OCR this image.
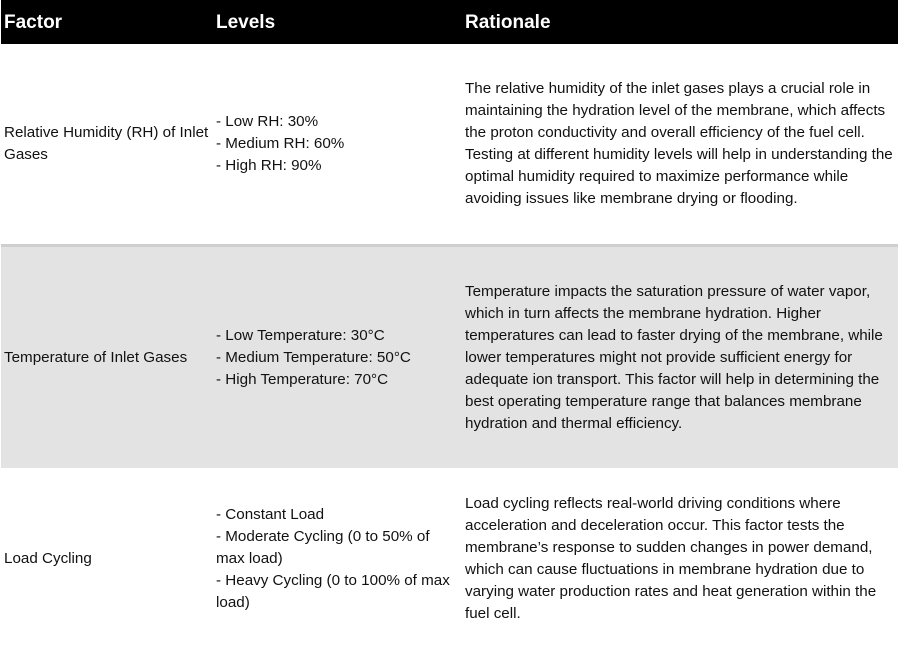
Factor	Levels	Rationale
Relative Humidity (RH) of Inlet Gases
- Low RH: 30%
- Medium RH: 60%
- High RH: 90%
The relative humidity of the inlet gases plays a crucial role in maintaining the hydration level of the membrane, which affects the proton conductivity and overall efficiency of the fuel cell. Testing at different humidity levels will help in understanding the optimal humidity required to maximize performance while avoiding issues like membrane drying or flooding.
Temperature of Inlet Gases
- Low Temperature: 30°C
- Medium Temperature: 50°C
- High Temperature: 70°C
Temperature impacts the saturation pressure of water vapor, which in turn affects the membrane hydration. Higher temperatures can lead to faster drying of the membrane, while lower temperatures might not provide sufficient energy for adequate ion transport. This factor will help in determining the best operating temperature range that balances membrane hydration and thermal efficiency.
Load Cycling
- Constant Load
- Moderate Cycling (0 to 50% of max load)
- Heavy Cycling (0 to 100% of max load)
Load cycling reflects real-world driving conditions where acceleration and deceleration occur. This factor tests the membrane’s response to sudden changes in power demand, which can cause fluctuations in membrane hydration due to varying water production rates and heat generation within the fuel cell.
